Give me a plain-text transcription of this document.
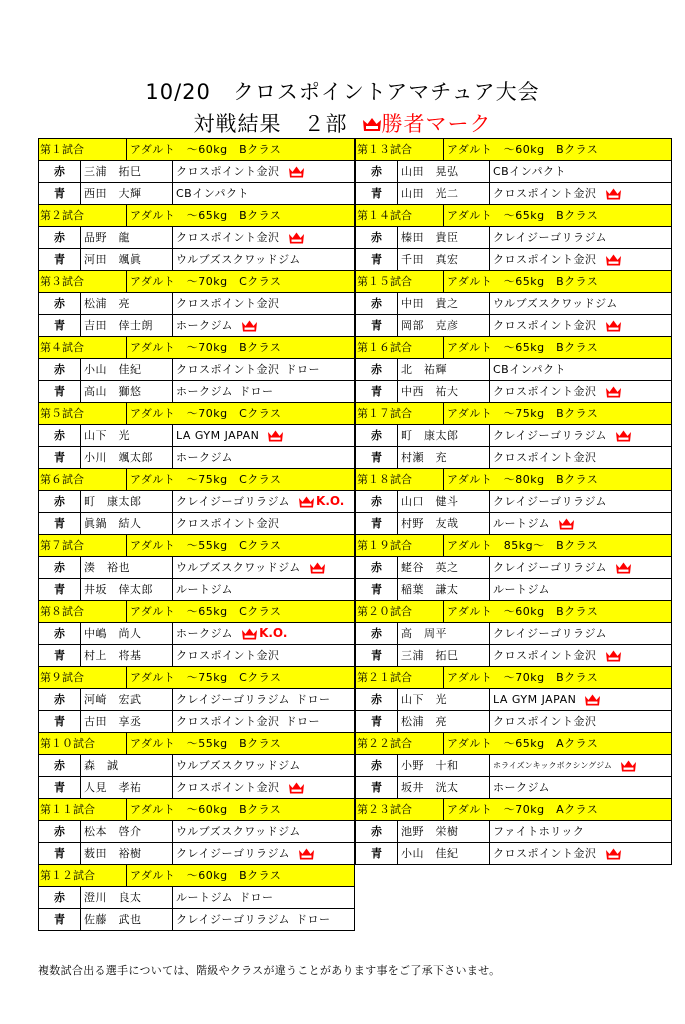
10/20　クロスポイントアマチュア大会
対戦結果　２部 勝者マーク
第１試合	アダルト　～60kg　Bクラス
赤	三浦　拓巳	クロスポイント金沢
青	西田　大輝	CBインパクト
第２試合	アダルト　～65kg　Bクラス
赤	品野　龍	クロスポイント金沢
青	河田　颯眞	ウルブズスクワッドジム
第３試合	アダルト　～70kg　Cクラス
赤	松浦　亮	クロスポイント金沢
青	吉田　倖士朗	ホークジム
第４試合	アダルト　～70kg　Bクラス
赤	小山　佳紀	クロスポイント金沢 ドロー
青	高山　獅悠	ホークジム ドロー
第５試合	アダルト　～70kg　Cクラス
赤	山下　光	LA GYM JAPAN
青	小川　颯太郎	ホークジム
第６試合	アダルト　～75kg　Cクラス
赤	町　康太郎	クレイジーゴリラジム K.O.
青	眞鍋　結人	クロスポイント金沢
第７試合	アダルト　～55kg　Cクラス
赤	湊　裕也	ウルブズスクワッドジム
青	井坂　倖太郎	ルートジム
第８試合	アダルト　～65kg　Cクラス
赤	中嶋　尚人	ホークジム K.O.
青	村上　将基	クロスポイント金沢
第９試合	アダルト　～75kg　Cクラス
赤	河崎　宏武	クレイジーゴリラジム ドロー
青	古田　享丞	クロスポイント金沢 ドロー
第１０試合	アダルト　～55kg　Bクラス
赤	森　誠	ウルブズスクワッドジム
青	人見　孝祐	クロスポイント金沢
第１１試合	アダルト　～60kg　Bクラス
赤	松本　啓介	ウルブズスクワッドジム
青	薮田　裕樹	クレイジーゴリラジム
第１２試合	アダルト　～60kg　Bクラス
赤	澄川　良太	ルートジム ドロー
青	佐藤　武也	クレイジーゴリラジム ドロー
第１３試合	アダルト　～60kg　Bクラス
赤	山田　晃弘	CBインパクト
青	山田　光二	クロスポイント金沢
第１４試合	アダルト　～65kg　Bクラス
赤	榛田　貴臣	クレイジーゴリラジム
青	千田　真宏	クロスポイント金沢
第１５試合	アダルト　～65kg　Bクラス
赤	中田　貴之	ウルブズスクワッドジム
青	岡部　克彦	クロスポイント金沢
第１６試合	アダルト　～65kg　Bクラス
赤	北　祐輝	CBインパクト
青	中西　祐大	クロスポイント金沢
第１７試合	アダルト　～75kg　Bクラス
赤	町　康太郎	クレイジーゴリラジム
青	村瀬　充	クロスポイント金沢
第１８試合	アダルト　～80kg　Bクラス
赤	山口　健斗	クレイジーゴリラジム
青	村野　友哉	ルートジム
第１９試合	アダルト　85kg～　Bクラス
赤	蛯谷　英之	クレイジーゴリラジム
青	稲葉　謙太	ルートジム
第２０試合	アダルト　～60kg　Bクラス
赤	高　周平	クレイジーゴリラジム
青	三浦　拓巳	クロスポイント金沢
第２１試合	アダルト　～70kg　Bクラス
赤	山下　光	LA GYM JAPAN
青	松浦　亮	クロスポイント金沢
第２２試合	アダルト　～65kg　Aクラス
赤	小野　十和	ホライズンキックボクシングジム
青	坂井　洸太	ホークジム
第２３試合	アダルト　～70kg　Aクラス
赤	池野　栄樹	ファイトホリック
青	小山　佳紀	クロスポイント金沢
複数試合出る選手については、階級やクラスが違うことがあります事をご了承下さいませ。
